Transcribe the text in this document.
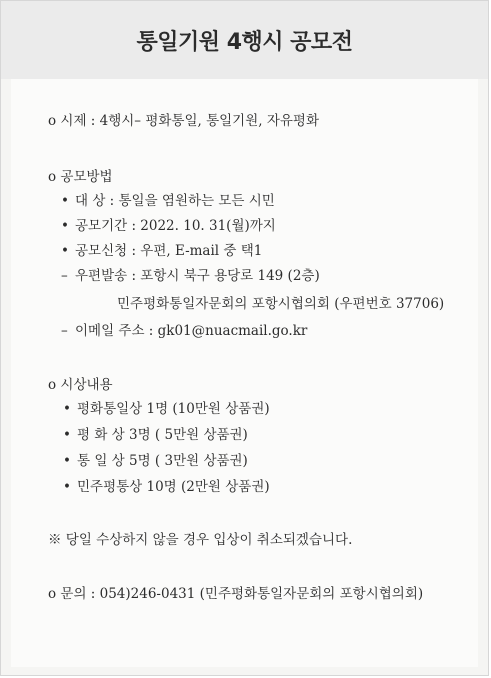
통일기원 4행시 공모전
o 시제 : 4행시– 평화통일, 통일기원, 자유평화
o 공모방법
• 대 상 : 통일을 염원하는 모든 시민
• 공모기간 : 2022. 10. 31(월)까지
• 공모신청 : 우편, E-mail 중 택1
– 우편발송 : 포항시 북구 용당로 149 (2층)
민주평화통일자문회의 포항시협의회 (우편번호 37706)
– 이메일 주소 : gk01@nuacmail.go.kr
o 시상내용
• 평화통일상 1명 (10만원 상품권)
• 평 화 상 3명 ( 5만원 상품권)
• 통 일 상 5명 ( 3만원 상품권)
• 민주평통상 10명 (2만원 상품권)
※ 당일 수상하지 않을 경우 입상이 취소되겠습니다.
o 문의 : 054)246-0431 (민주평화통일자문회의 포항시협의회)
